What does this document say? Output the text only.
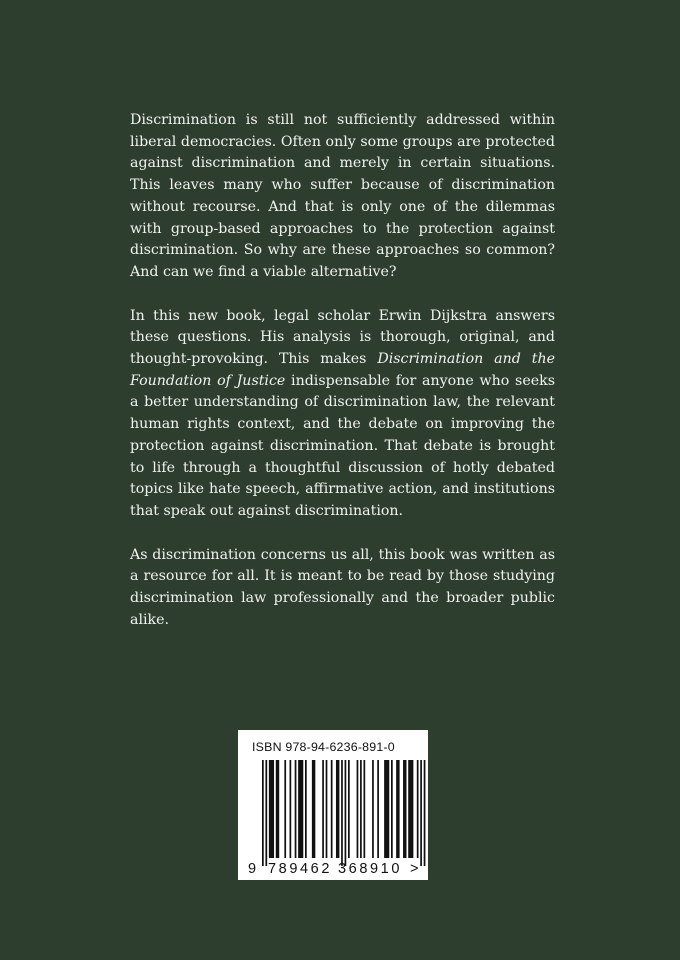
Discrimination is still not sufficiently addressed within liberal democracies. Often only some groups are protected against discrimination and merely in certain situations. This leaves many who suffer because of discrimination without recourse. And that is only one of the dilemmas with group-based approaches to the protection against discrimination. So why are these approaches so common? And can we find a viable alternative?

In this new book, legal scholar Erwin Dijkstra answers these questions. His analysis is thorough, original, and thought-provoking. This makes Discrimination and the Foundation of Justice indispensable for anyone who seeks a better understanding of discrimination law, the relevant human rights context, and the debate on improving the protection against discrimination. That debate is brought to life through a thoughtful discussion of hotly debated topics like hate speech, affirmative action, and institutions that speak out against discrimination.

As discrimination concerns us all, this book was written as a resource for all. It is meant to be read by those studying discrimination law professionally and the broader public alike.

ISBN 978-94-6236-891-0
9 789462 368910 >
